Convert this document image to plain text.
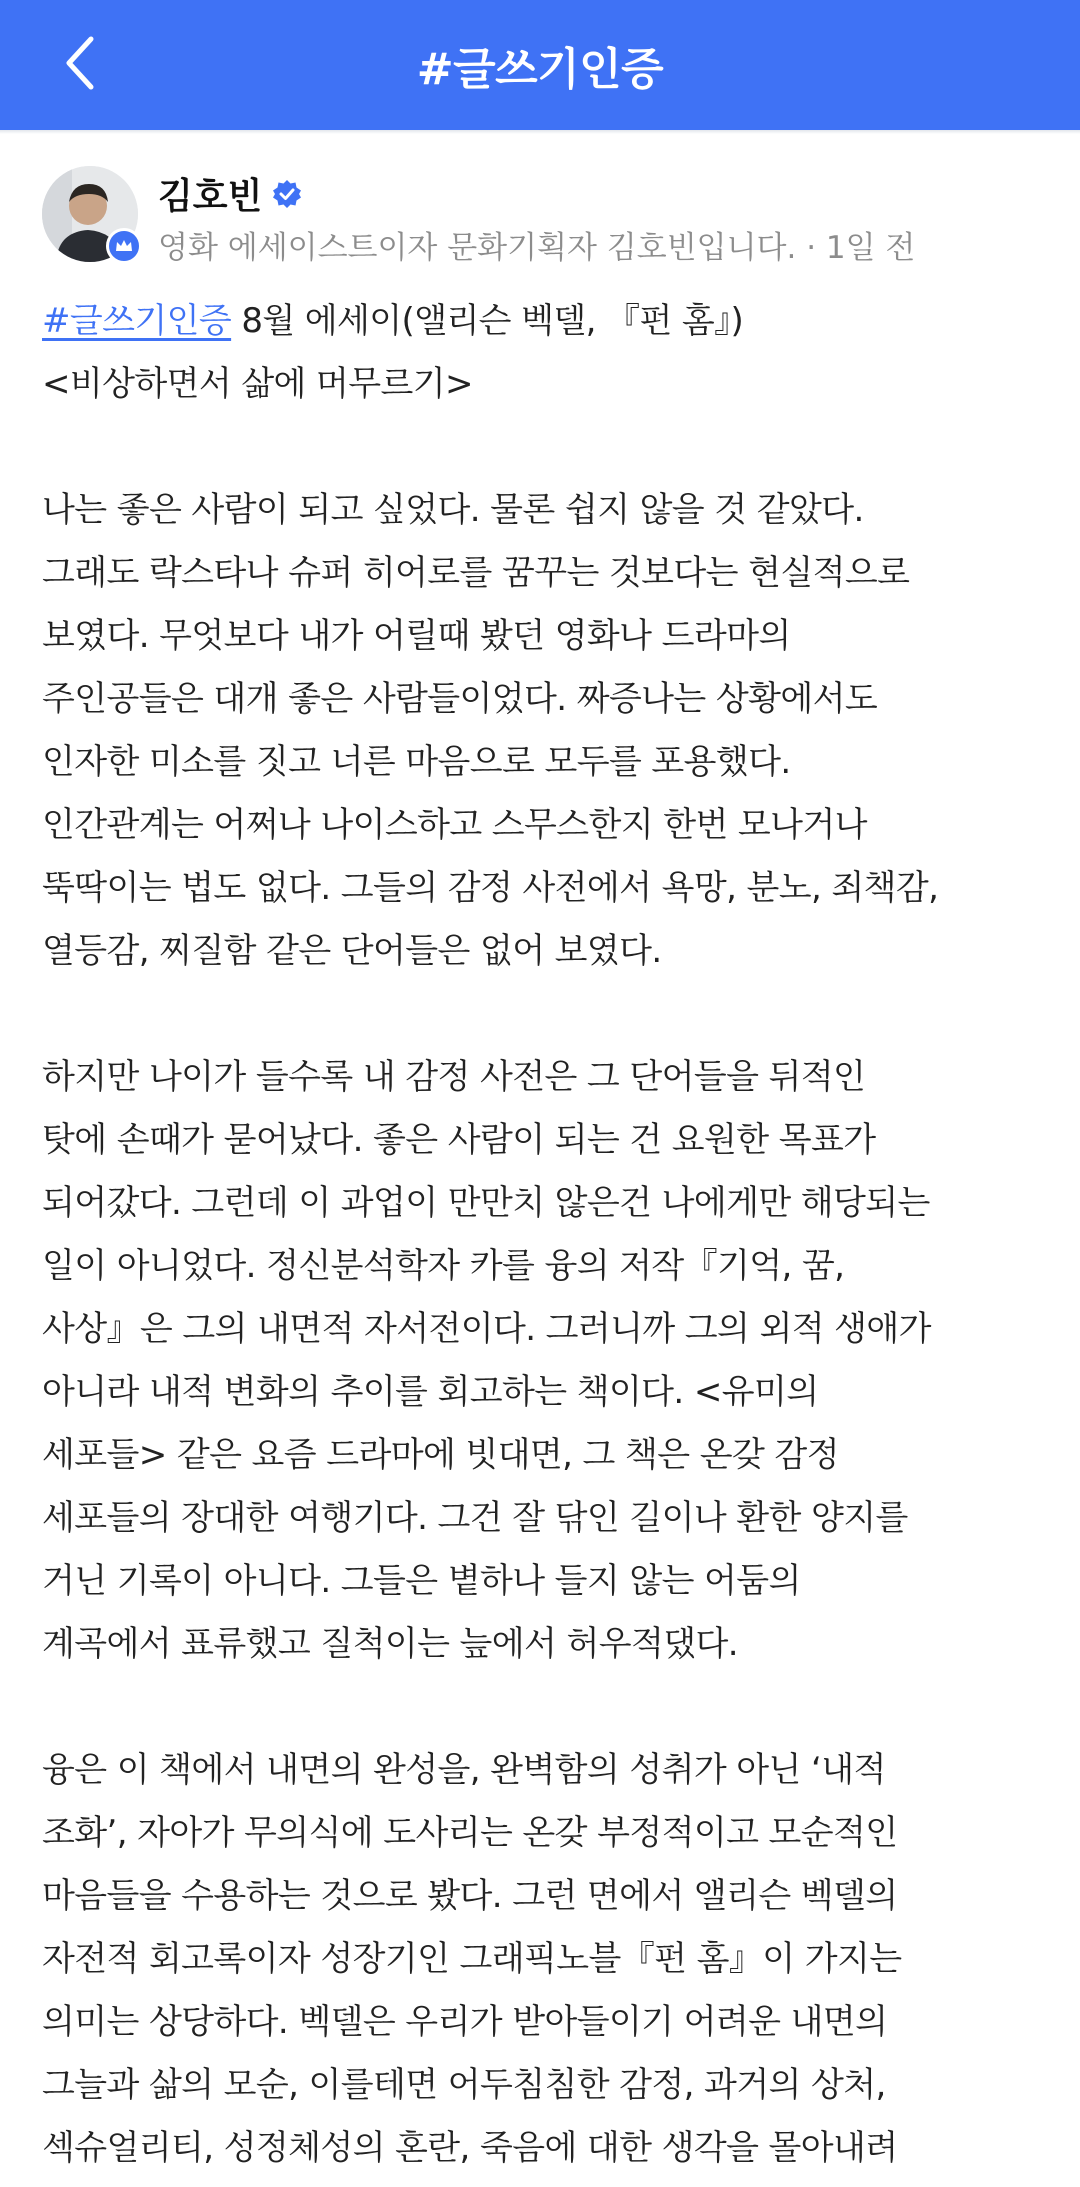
#글쓰기인증
김호빈
영화 에세이스트이자 문화기획자 김호빈입니다. · 1일 전
#글쓰기인증 8월 에세이(앨리슨 벡델, 『펀 홈』)
<비상하면서 삶에 머무르기>
나는 좋은 사람이 되고 싶었다. 물론 쉽지 않을 것 같았다.
그래도 락스타나 슈퍼 히어로를 꿈꾸는 것보다는 현실적으로
보였다. 무엇보다 내가 어릴때 봤던 영화나 드라마의
주인공들은 대개 좋은 사람들이었다. 짜증나는 상황에서도
인자한 미소를 짓고 너른 마음으로 모두를 포용했다.
인간관계는 어쩌나 나이스하고 스무스한지 한번 모나거나
뚝딱이는 법도 없다. 그들의 감정 사전에서 욕망, 분노, 죄책감,
열등감, 찌질함 같은 단어들은 없어 보였다.
하지만 나이가 들수록 내 감정 사전은 그 단어들을 뒤적인
탓에 손때가 묻어났다. 좋은 사람이 되는 건 요원한 목표가
되어갔다. 그런데 이 과업이 만만치 않은건 나에게만 해당되는
일이 아니었다. 정신분석학자 카를 융의 저작『기억, 꿈,
사상』은 그의 내면적 자서전이다. 그러니까 그의 외적 생애가
아니라 내적 변화의 추이를 회고하는 책이다. <유미의
세포들> 같은 요즘 드라마에 빗대면, 그 책은 온갖 감정
세포들의 장대한 여행기다. 그건 잘 닦인 길이나 환한 양지를
거닌 기록이 아니다. 그들은 볕하나 들지 않는 어둠의
계곡에서 표류했고 질척이는 늪에서 허우적댔다.
융은 이 책에서 내면의 완성을, 완벽함의 성취가 아닌 ‘내적
조화’, 자아가 무의식에 도사리는 온갖 부정적이고 모순적인
마음들을 수용하는 것으로 봤다. 그런 면에서 앨리슨 벡델의
자전적 회고록이자 성장기인 그래픽노블『펀 홈』이 가지는
의미는 상당하다. 벡델은 우리가 받아들이기 어려운 내면의
그늘과 삶의 모순, 이를테면 어두침침한 감정, 과거의 상처,
섹슈얼리티, 성정체성의 혼란, 죽음에 대한 생각을 몰아내려
